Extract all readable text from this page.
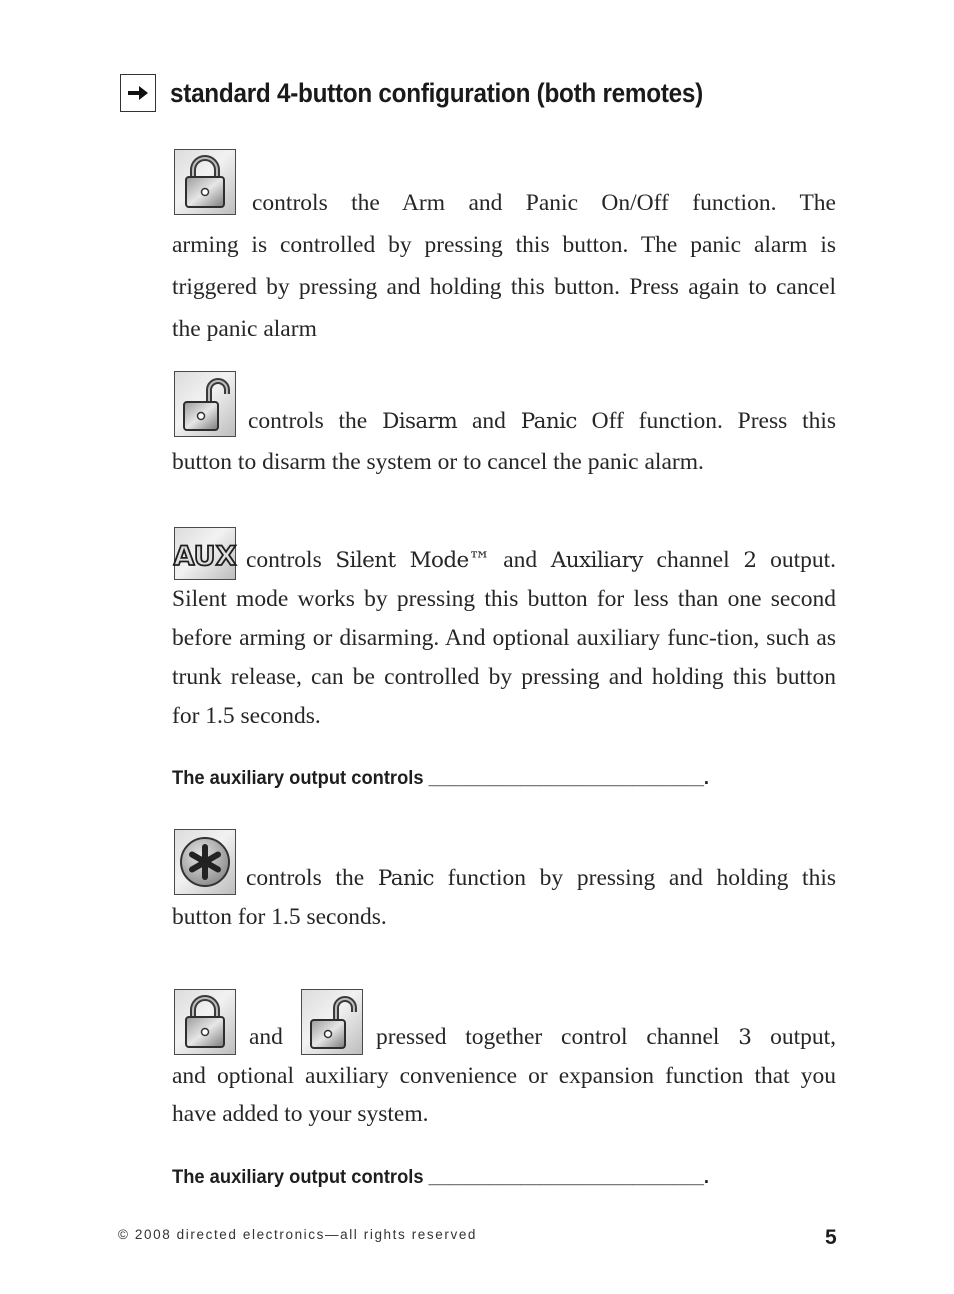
standard 4-button configuration (both remotes)
controls the Arm and Panic On/Off function. The
arming is controlled by pressing this button. The panic alarm is triggered by pressing and holding this button. Press again to cancel the panic alarm
controls the Disarm and Panic Off function. Press this
button to disarm the system or to cancel the panic alarm.
AUX controls Silent Mode™ and Auxiliary channel 2 output.
Silent mode works by pressing this button for less than one second before arming or disarming. And optional auxiliary func-tion, such as trunk release, can be controlled by pressing and holding this button for 1.5 seconds.
The auxiliary output controls ___________________________.
controls the Panic function by pressing and holding this
button for 1.5 seconds.
and	pressed together control channel 3 output,
and optional auxiliary convenience or expansion function that you have added to your system.
The auxiliary output controls ___________________________.
© 2008 directed electronics—all rights reserved	5
